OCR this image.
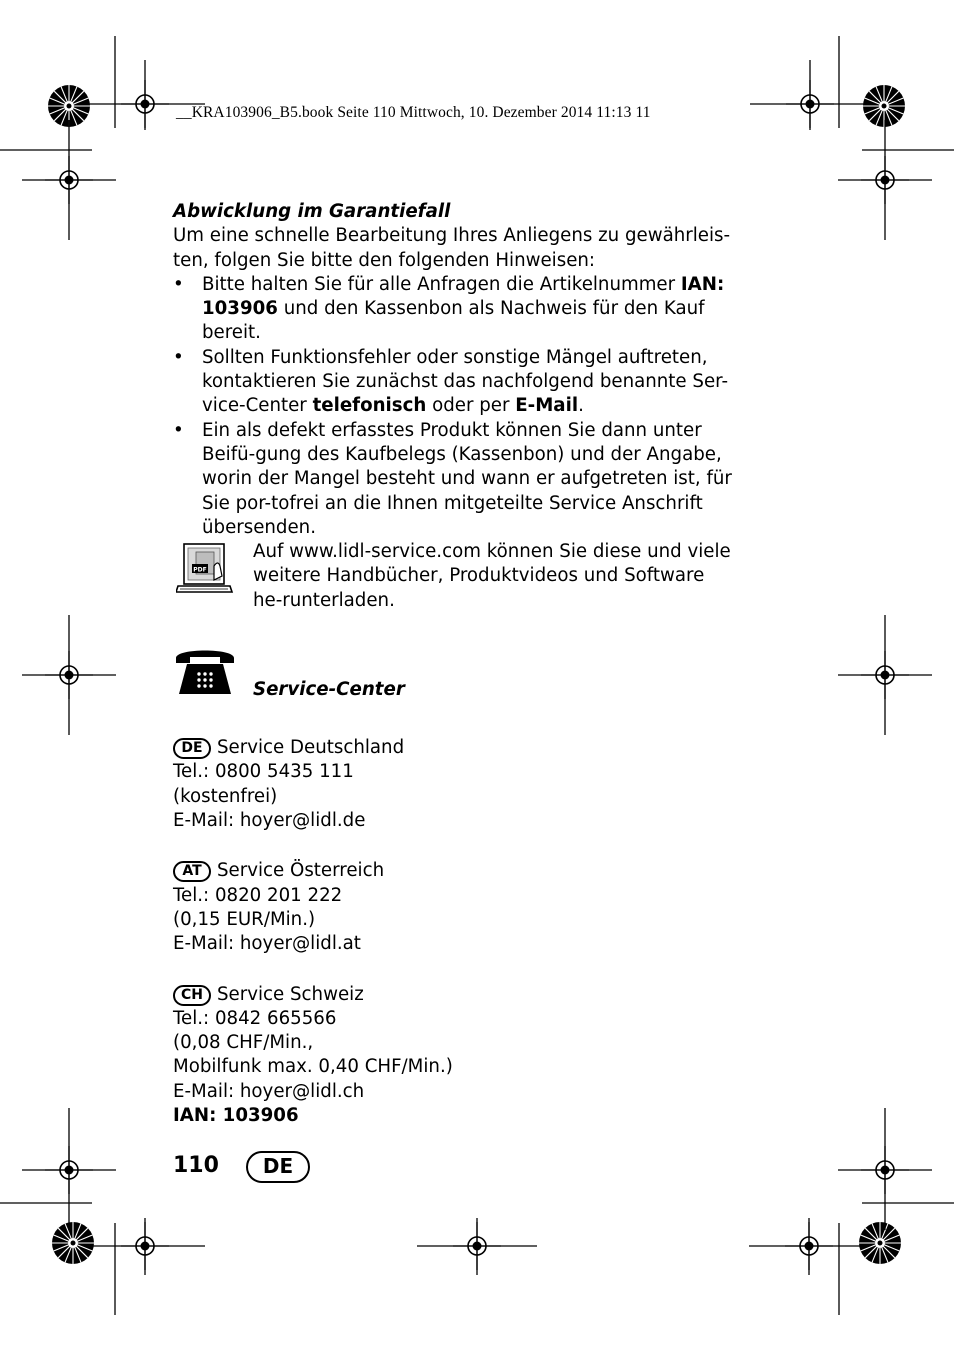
__KRA103906_B5.book Seite 110 Mittwoch, 10. Dezember 2014 11:13 11

Abwicklung im Garantiefall

Um eine schnelle Bearbeitung Ihres Anliegens zu gewährleis-ten, folgen Sie bitte den folgenden Hinweisen:

• Bitte halten Sie für alle Anfragen die Artikelnummer IAN: 103906 und den Kassenbon als Nachweis für den Kauf bereit.
• Sollten Funktionsfehler oder sonstige Mängel auftreten, kontaktieren Sie zunächst das nachfolgend benannte Ser-vice-Center telefonisch oder per E-Mail.
• Ein als defekt erfasstes Produkt können Sie dann unter Beifü-gung des Kaufbelegs (Kassenbon) und der Angabe, worin der Mangel besteht und wann er aufgetreten ist, für Sie por-tofrei an die Ihnen mitgeteilte Service Anschrift übersenden.
PDF

Auf www.lidl-service.com können Sie diese und viele weitere Handbücher, Produktvideos und Software he-runterladen.

Service-Center

DE Service Deutschland

Tel.: 0800 5435 111

(kostenfrei)

E-Mail: hoyer@lidl.de

AT Service Österreich

Tel.: 0820 201 222

(0,15 EUR/Min.)

E-Mail: hoyer@lidl.at

CH Service Schweiz

Tel.: 0842 665566

(0,08 CHF/Min.,

Mobilfunk max. 0,40 CHF/Min.)

E-Mail: hoyer@lidl.ch

IAN: 103906

110	DE
